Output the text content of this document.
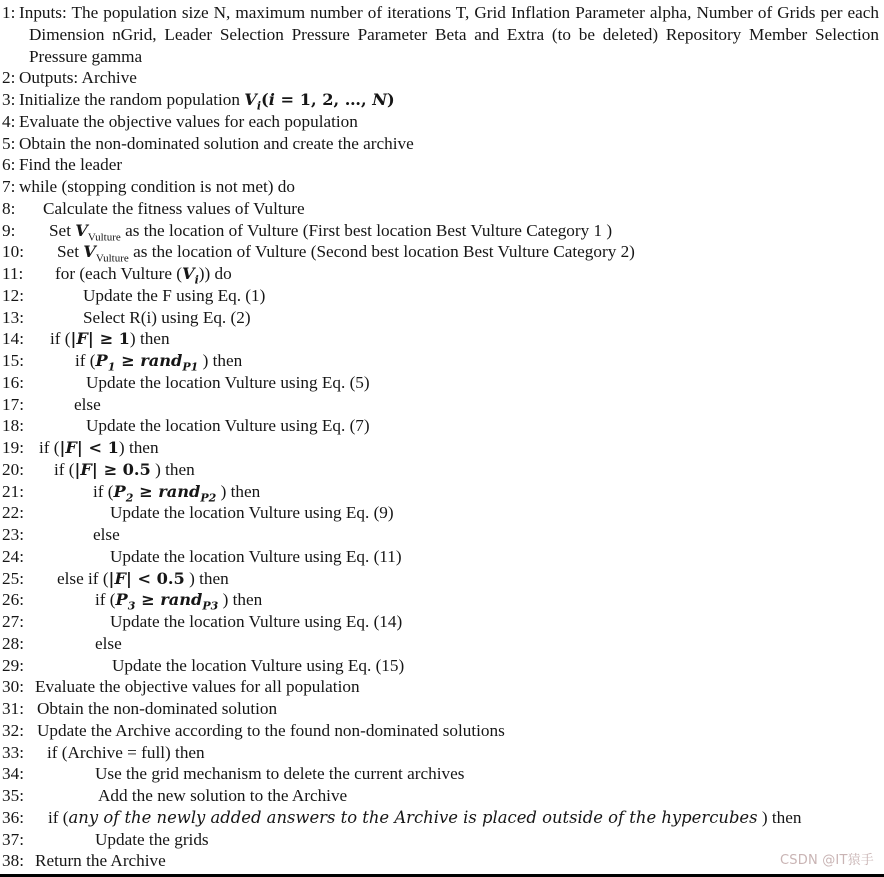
1: Inputs: The population size N, maximum number of iterations T, Grid Inflation Parameter alpha, Number of Grids per each Dimension nGrid, Leader Selection Pressure Parameter Beta and Extra (to be deleted) Repository Member Selection Pressure gamma
2: Outputs: Archive
3: Initialize the random population $V_i(i = 1$, 2, …, N)
4: Evaluate the objective values for each population
5: Obtain the non-dominated solution and create the archive
6: Find the leader
7: while (stopping condition is not met) do
8:	Calculate the fitness values of Vulture
9:	Set $V_{Vulture}$ as the location of Vulture (First best location Best Vulture Category 1 )
10:	Set $V_{Vulture}$ as the location of Vulture (Second best location Best Vulture Category 2)
11:	for (each Vulture $(V_i)$) do
12:	Update the F using Eq. (1)
13:	Select R(i) using Eq. (2)
14:	if (|F| ≥ 1) then
15:	if ($P_1$ ≥ rand$_{P1}$ ) then
16:	Update the location Vulture using Eq. (5)
17:	else
18:	Update the location Vulture using Eq. (7)
19: if (|F| < 1) then
20:	if (|F| ≥ 0.5 ) then
21:	if ($P_2$ ≥ rand$_{P2}$ ) then
22:	Update the location Vulture using Eq. (9)
23:	else
24:	Update the location Vulture using Eq. (11)
25:	else if (|F| < 0.5 ) then
26:	if ($P_3$ ≥ rand$_{P3}$ ) then
27:	Update the location Vulture using Eq. (14)
28:	else
29:	Update the location Vulture using Eq. (15)
30: Evaluate the objective values for all population
31: Obtain the non-dominated solution
32: Update the Archive according to the found non-dominated solutions
33:	if (Archive = full) then
34:	Use the grid mechanism to delete the current archives
35:	Add the new solution to the Archive
36:	if (any of the newly added answers to the Archive is placed outside of the hypercubes ) then
37:	Update the grids
38: Return the Archive	CSDN @IT猿手
